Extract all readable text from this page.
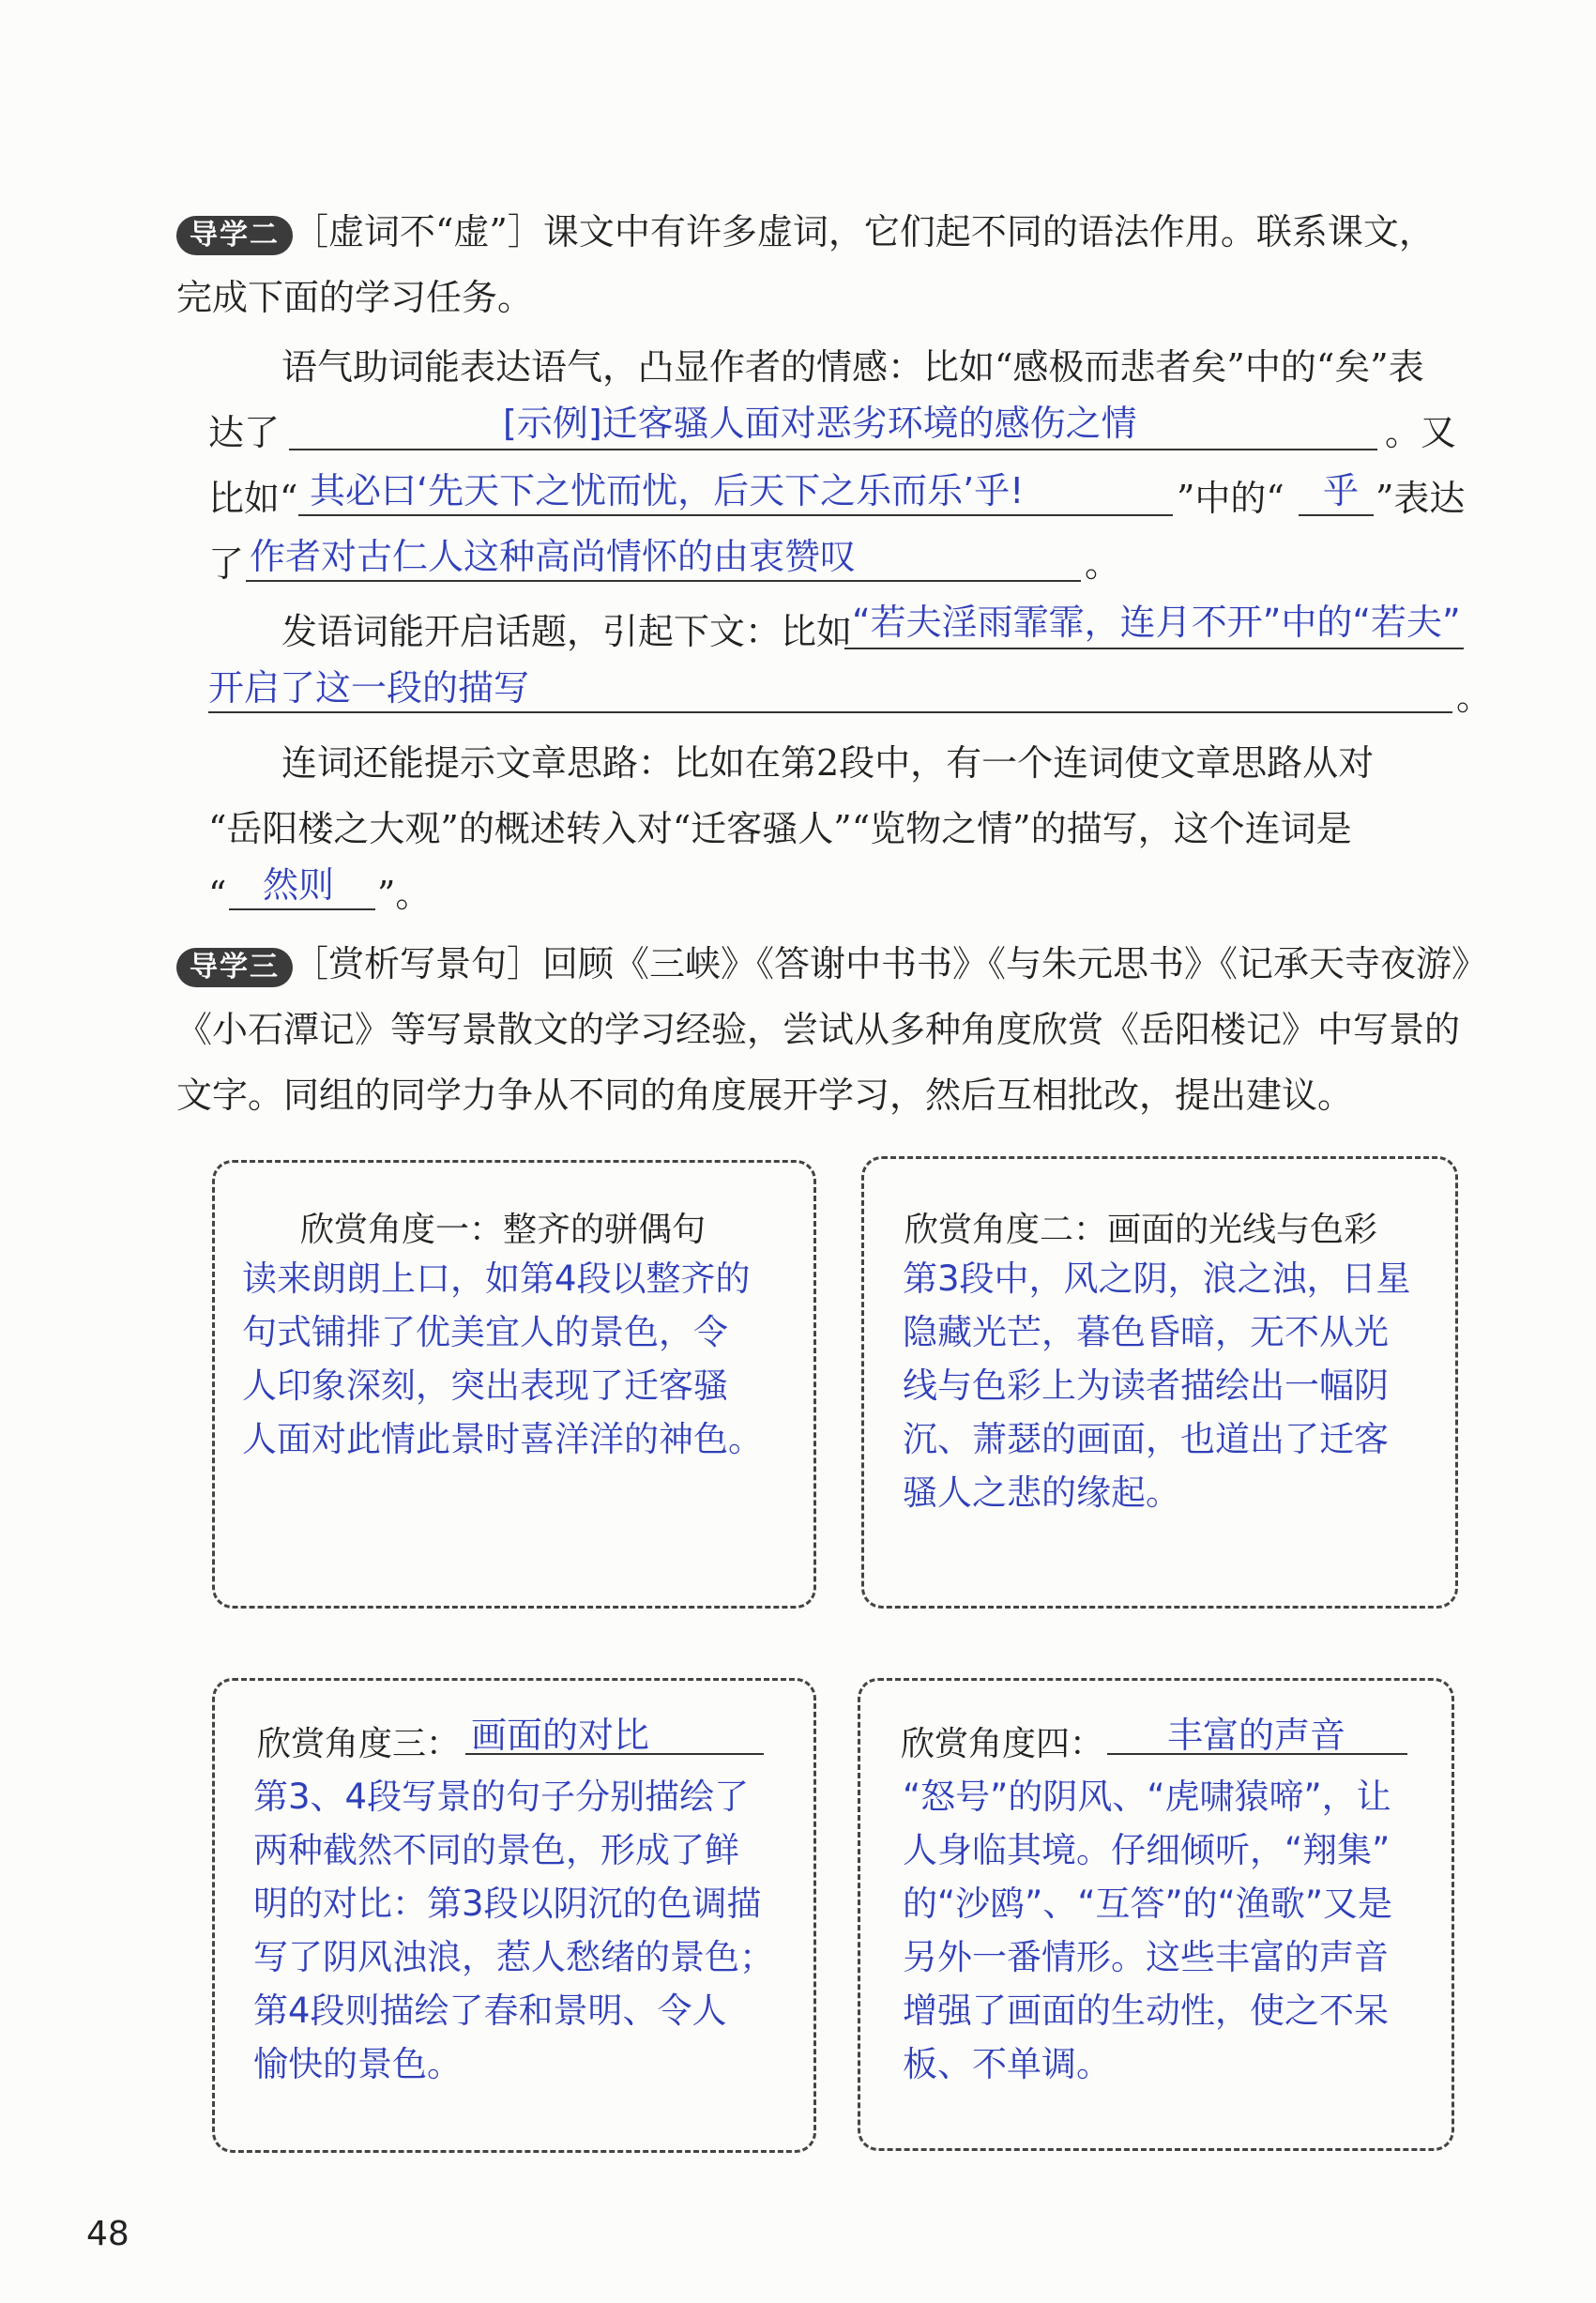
导学二 ［虚词不“虚”］课文中有许多虚词，它们起不同的语法作用。联系课文，
完成下面的学习任务。
语气助词能表达语气，凸显作者的情感：比如“感极而悲者矣”中的“矣”表
达了	[示例]迁客骚人面对恶劣环境的感伤之情	。又
比如“ 其必曰‘先天下之忧而忧，后天下之乐而乐’乎!	”中的“ 乎 ”表达
了 作者对古仁人这种高尚情怀的由衷赞叹	。
发语词能开启话题，引起下文：比如 “若夫淫雨霏霏，连月不开”中的“若夫”
开启了这一段的描写	。
连词还能提示文章思路：比如在第2段中，有一个连词使文章思路从对
“岳阳楼之大观”的概述转入对“迁客骚人”“览物之情”的描写，这个连词是
“ 然则 ”。
导学三 ［赏析写景句］回顾《三峡》《答谢中书书》《与朱元思书》《记承天寺夜游》
《小石潭记》等写景散文的学习经验，尝试从多种角度欣赏《岳阳楼记》中写景的
文字。同组的同学力争从不同的角度展开学习，然后互相批改，提出建议。
欣赏角度一：整齐的骈偶句
读来朗朗上口，如第4段以整齐的
句式铺排了优美宜人的景色，令
人印象深刻，突出表现了迁客骚
人面对此情此景时喜洋洋的神色。
欣赏角度二：画面的光线与色彩
第3段中，风之阴，浪之浊，日星
隐藏光芒，暮色昏暗，无不从光
线与色彩上为读者描绘出一幅阴
沉、萧瑟的画面，也道出了迁客
骚人之悲的缘起。
欣赏角度三： 画面的对比
第3、4段写景的句子分别描绘了
两种截然不同的景色，形成了鲜
明的对比：第3段以阴沉的色调描
写了阴风浊浪，惹人愁绪的景色；
第4段则描绘了春和景明、令人
愉快的景色。
欣赏角度四： 丰富的声音
“怒号”的阴风、“虎啸猿啼”，让
人身临其境。仔细倾听，“翔集”
的“沙鸥”、“互答”的“渔歌”又是
另外一番情形。这些丰富的声音
增强了画面的生动性，使之不呆
板、不单调。
48
